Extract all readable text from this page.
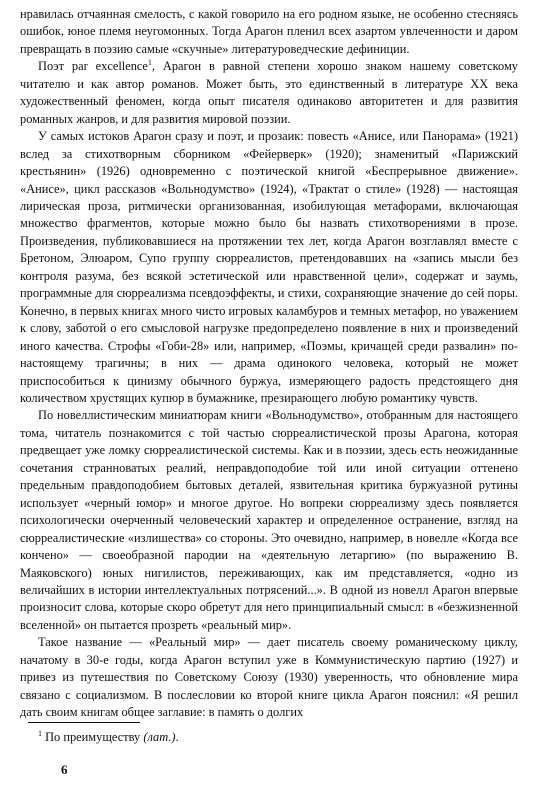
нравилась отчаянная смелость, с какой говорило на его родном языке, не особенно стесняясь ошибок, юное племя неугомонных. Тогда Арагон пленил всех азартом увлеченности и даром превращать в поэзию самые «скучные» литературоведческие дефиниции.

Поэт par excellence$^1$, Арагон в равной степени хорошо знаком нашему советскому читателю и как автор романов. Может быть, это единственный в литературе XX века художественный феномен, когда опыт писателя одинаково авторитетен и для развития романных жанров, и для развития мировой поэзии.

У самых истоков Арагон сразу и поэт, и прозаик: повесть «Анисе, или Панорама» (1921) вслед за стихотворным сборником «Фейерверк» (1920); знаменитый «Парижский крестьянин» (1926) одновременно с поэтической книгой «Беспрерывное движение». «Анисе», цикл рассказов «Вольнодумство» (1924), «Трактат о стиле» (1928) — настоящая лирическая проза, ритмически организованная, изобилующая метафорами, включающая множество фрагментов, которые можно было бы назвать стихотворениями в прозе. Произведения, публиковавшиеся на протяжении тех лет, когда Арагон возглавлял вместе с Бретоном, Элюаром, Супо группу сюрреалистов, претендовавших на «запись мысли без контроля разума, без всякой эстетической или нравственной цели», содержат и заумь, программные для сюрреализма псевдоэффекты, и стихи, сохраняющие значение до сей поры. Конечно, в первых книгах много чисто игровых каламбуров и темных метафор, но уважением к слову, заботой о его смысловой нагрузке предопределено появление в них и произведений иного качества. Строфы «Гоби-28» или, например, «Поэмы, кричащей среди развалин» по-настоящему трагичны; в них — драма одинокого человека, который не может приспособиться к цинизму обычного буржуа, измеряющего радость предстоящего дня количеством хрустящих купюр в бумажнике, презирающего любую романтику чувств.

По новеллистическим миниатюрам книги «Вольнодумство», отобранным для настоящего тома, читатель познакомится с той частью сюрреалистической прозы Арагона, которая предвещает уже ломку сюрреалистической системы. Как и в поэзии, здесь есть неожиданные сочетания странноватых реалий, неправдоподобие той или иной ситуации оттенено предельным правдоподобием бытовых деталей, язвительная критика буржуазной рутины использует «черный юмор» и многое другое. Но вопреки сюрреализму здесь появляется психологически очерченный человеческий характер и определенное остранение, взгляд на сюрреалистические «излишества» со стороны. Это очевидно, например, в новелле «Когда все кончено» — своеобразной пародии на «деятельную летаргию» (по выражению В. Маяковского) юных нигилистов, переживающих, как им представляется, «одно из величайших в истории интеллектуальных потрясений...». В одной из новелл Арагон впервые произносит слова, которые скоро обретут для него принципиальный смысл: в «безжизненной вселенной» он пытается прозреть «реальный мир».

Такое название — «Реальный мир» — дает писатель своему романическому циклу, начатому в 30-е годы, когда Арагон вступил уже в Коммунистическую партию (1927) и привез из путешествия по Советскому Союзу (1930) уверенность, что обновление мира связано с социализмом. В послесловии ко второй книге цикла Арагон пояснил: «Я решил дать своим книгам общее заглавие: в память о долгих

$^1$ По преимуществу (лат.).
6
